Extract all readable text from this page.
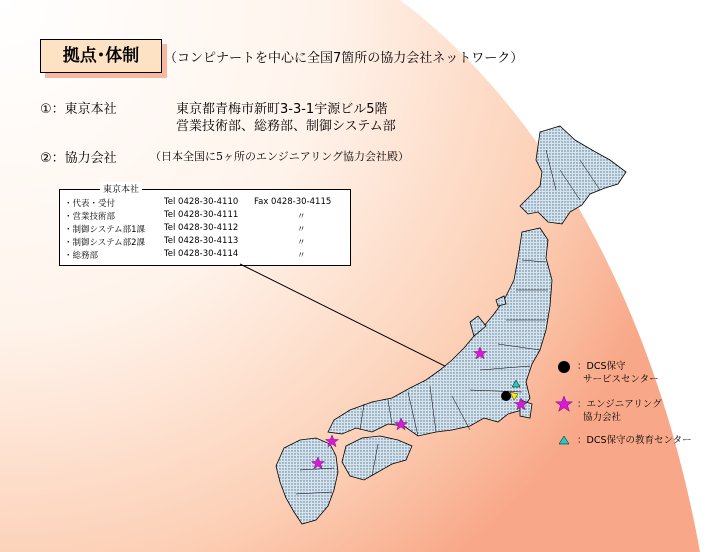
拠点･体制	（コンピナートを中心に全国7箇所の協力会社ネットワーク）
①：東京本社	東京都青梅市新町3-3-1宇源ビル5階
営業技術部、総務部、制御システム部
②：協力会社	（日本全国に5ヶ所のエンジニアリング協力会社殿）
・代表・受付	Tel 0428-30-4110 Fax 0428-30-4115
・営業技術部	Tel 0428-30-4111	〃
・制御システム部1課 Tel 0428-30-4112	〃
・制御システム部2課 Tel 0428-30-4113	〃
・総務部	Tel 0428-30-4114	〃
東京本社
：DCS保守
サービスセンター
：エンジニアリング
協力会社
：DCS保守の教育センター
